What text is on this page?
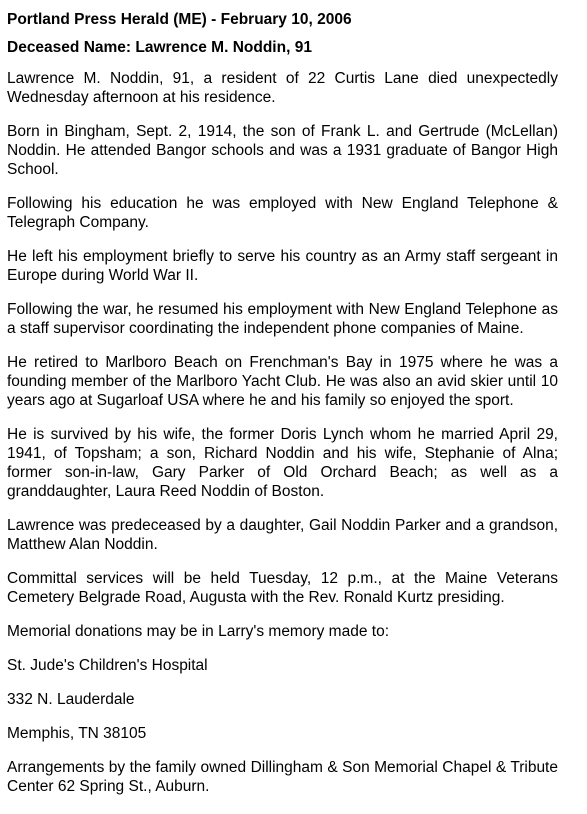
Portland Press Herald (ME) - February 10, 2006

Deceased Name: Lawrence M. Noddin, 91

Lawrence M. Noddin, 91, a resident of 22 Curtis Lane died unexpectedly Wednesday afternoon at his residence.

Born in Bingham, Sept. 2, 1914, the son of Frank L. and Gertrude (McLellan) Noddin. He attended Bangor schools and was a 1931 graduate of Bangor High School.

Following his education he was employed with New England Telephone & Telegraph Company.

He left his employment briefly to serve his country as an Army staff sergeant in Europe during World War II.

Following the war, he resumed his employment with New England Telephone as a staff supervisor coordinating the independent phone companies of Maine.

He retired to Marlboro Beach on Frenchman's Bay in 1975 where he was a founding member of the Marlboro Yacht Club. He was also an avid skier until 10 years ago at Sugarloaf USA where he and his family so enjoyed the sport.

He is survived by his wife, the former Doris Lynch whom he married April 29, 1941, of Topsham; a son, Richard Noddin and his wife, Stephanie of Alna; former son-in-law, Gary Parker of Old Orchard Beach; as well as a granddaughter, Laura Reed Noddin of Boston.

Lawrence was predeceased by a daughter, Gail Noddin Parker and a grandson, Matthew Alan Noddin.

Committal services will be held Tuesday, 12 p.m., at the Maine Veterans Cemetery Belgrade Road, Augusta with the Rev. Ronald Kurtz presiding.

Memorial donations may be in Larry's memory made to:

St. Jude's Children's Hospital

332 N. Lauderdale

Memphis, TN 38105

Arrangements by the family owned Dillingham & Son Memorial Chapel & Tribute Center 62 Spring St., Auburn.
